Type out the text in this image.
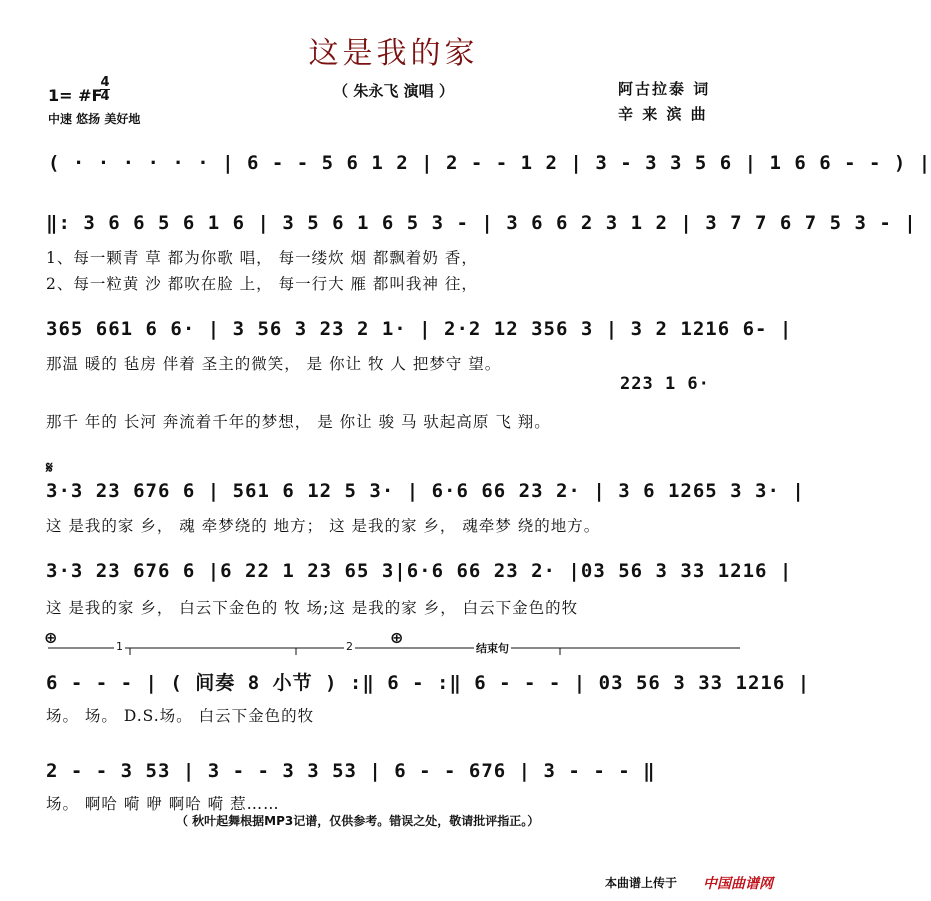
这是我的家
（ 朱永飞 演唱 ）	阿古拉泰 词
辛 来 滨 曲
1= #F
4
4
中速 悠扬 美好地
( · · · · · · | 6 - - 5 6 1 2 | 2 - - 1 2 | 3 - 3 3 5 6 | 1 6 6 - - ) |
‖: 3 6 6 5 6 1 6 | 3 5 6 1 6 5 3 - | 3 6 6 2 3 1 2 | 3 7 7 6 7 5 3 - |
1、每一颗青 草 都为你歌 唱， 每一缕炊 烟 都飘着奶 香，
2、每一粒黄 沙 都吹在脸 上， 每一行大 雁 都叫我神 往，
365 661 6 6· | 3 56 3 23 2 1· | 2·2 12 356 3 | 3 2 1216 6- |
那温 暖的 毡房 伴着 圣主的微笑， 是 你让 牧 人 把梦守 望。
223 1 6·
那千 年的 长河 奔流着千年的梦想， 是 你让 骏 马 驮起高原 飞 翔。
𝄋
3·3 23 676 6 | 561 6 12 5 3· | 6·6 66 23 2· | 3 6 1265 3 3· |
这 是我的家 乡， 魂 牵梦绕的 地方； 这 是我的家 乡， 魂牵梦 绕的地方。
3·3 23 676 6 |6 22 1 23 65 3|6·6 66 23 2· |03 56 3 33 1216 |
这 是我的家 乡， 白云下金色的 牧 场;这 是我的家 乡， 白云下金色的牧
⊕	⊕
1	2	结束句
6 - - - | ( 间奏 8 小节 ) :‖ 6 - :‖ 6 - - - | 03 56 3 33 1216 |
场。 场。 D.S.场。 白云下金色的牧
2 - - 3 53 | 3 - - 3 3 53 | 6 - - 676 | 3 - - - ‖
场。 啊哈 嗬 咿 啊哈 嗬 惹……
（ 秋叶起舞根据MP3记谱，仅供参考。错误之处，敬请批评指正。）
本曲谱上传于 中国曲谱网
